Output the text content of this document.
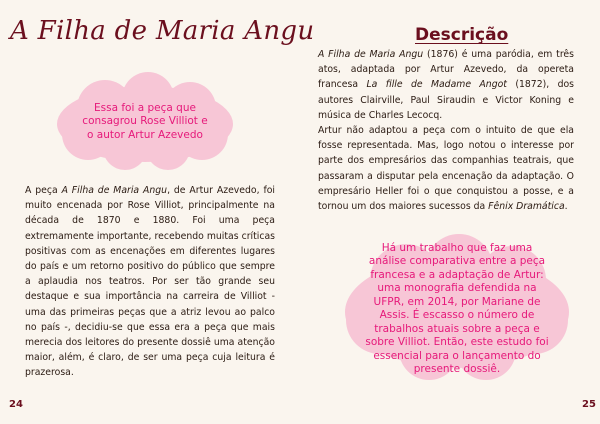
A Filha de Maria Angu

Essa foi a peça que consagrou Rose Villiot e o autor Artur Azevedo

A peça A Filha de Maria Angu, de Artur Azevedo, foi muito encenada por Rose Villiot, principalmente na década de 1870 e 1880. Foi uma peça extremamente importante, recebendo muitas críticas positivas com as encenações em diferentes lugares do país e um retorno positivo do público que sempre a aplaudia nos teatros. Por ser tão grande seu destaque e sua importância na carreira de Villiot - uma das primeiras peças que a atriz levou ao palco no país -, decidiu-se que essa era a peça que mais merecia dos leitores do presente dossiê uma atenção maior, além, é claro, de ser uma peça cuja leitura é prazerosa.

24

Descrição

A Filha de Maria Angu (1876) é uma paródia, em três atos, adaptada por Artur Azevedo, da opereta francesa La fille de Madame Angot (1872), dos autores Clairville, Paul Siraudin e Victor Koning e música de Charles Lecocq.
Artur não adaptou a peça com o intuito de que ela fosse representada. Mas, logo notou o interesse por parte dos empresários das companhias teatrais, que passaram a disputar pela encenação da adaptação. O empresário Heller foi o que conquistou a posse, e a tornou um dos maiores sucessos da Fênix Dramática.

Há um trabalho que faz uma análise comparativa entre a peça francesa e a adaptação de Artur: uma monografia defendida na UFPR, em 2014, por Mariane de Assis. É escasso o número de trabalhos atuais sobre a peça e sobre Villiot. Então, este estudo foi essencial para o lançamento do presente dossiê.

25
